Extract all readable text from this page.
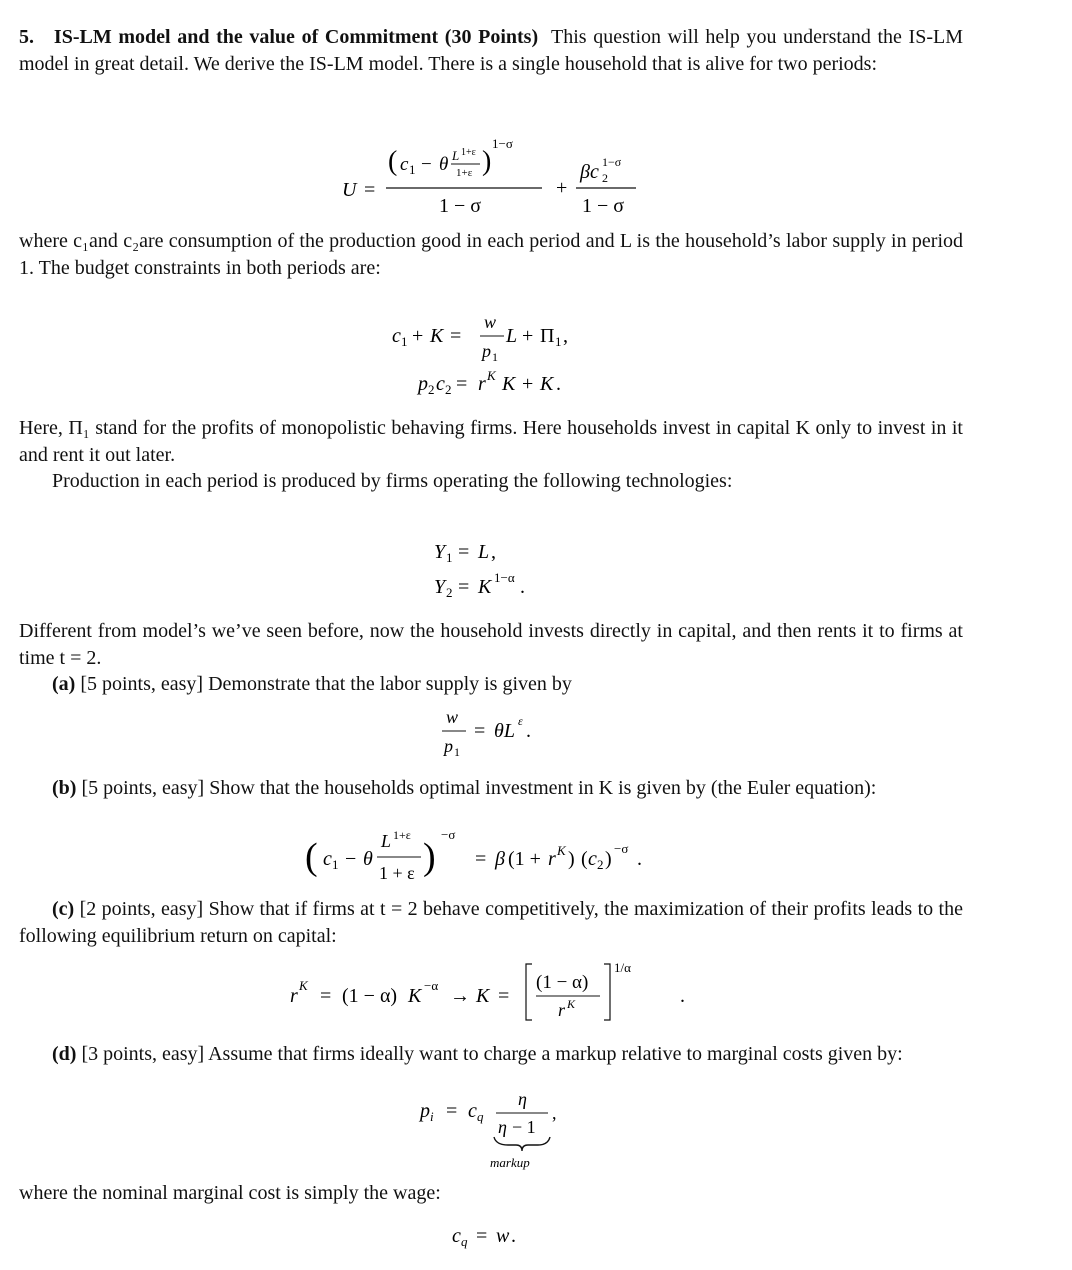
5. IS-LM model and the value of Commitment (30 Points) This question will help you understand the IS-LM model in great detail. We derive the IS-LM model. There is a single household that is alive for two periods:
U =
( c 1 − θ L 1+ε
1+ε )
1−σ
1 − σ
+
βc 1−σ
2
1 − σ
where c₁and c₂are consumption of the production good in each period and L is the household’s labor supply in period 1. The budget constraints in both periods are:
c 1 + K =
w
p 1
L + Π 1 ,
p 2 c 2 = r K K + K .
Here, Π₁ stand for the profits of monopolistic behaving firms. Here households invest in capital K only to invest in it and rent it out later.
Production in each period is produced by firms operating the following technologies:
Y 1 = L ,
Y 2 = K 1−α .
Different from model’s we’ve seen before, now the household invests directly in capital, and then rents it to firms at time t = 2.
(a) [5 points, easy] Demonstrate that the labor supply is given by
w
p 1
= θL ε .
(b) [5 points, easy] Show that the households optimal investment in K is given by (the Euler equation):
( c 1 − θ
L 1+ε
1 + ε )
−σ
= β (1 + r K ) ( c 2 ) −σ .
(c) [2 points, easy] Show that if firms at t = 2 behave competitively, the maximization of their profits leads to the following equilibrium return on capital:
r K = (1 − α) K −α → K =
(1 − α)
r K
1/α
.
(d) [3 points, easy] Assume that firms ideally want to charge a markup relative to marginal costs given by:
p i = c q
η
η − 1
,
markup
where the nominal marginal cost is simply the wage:
c q = w .
